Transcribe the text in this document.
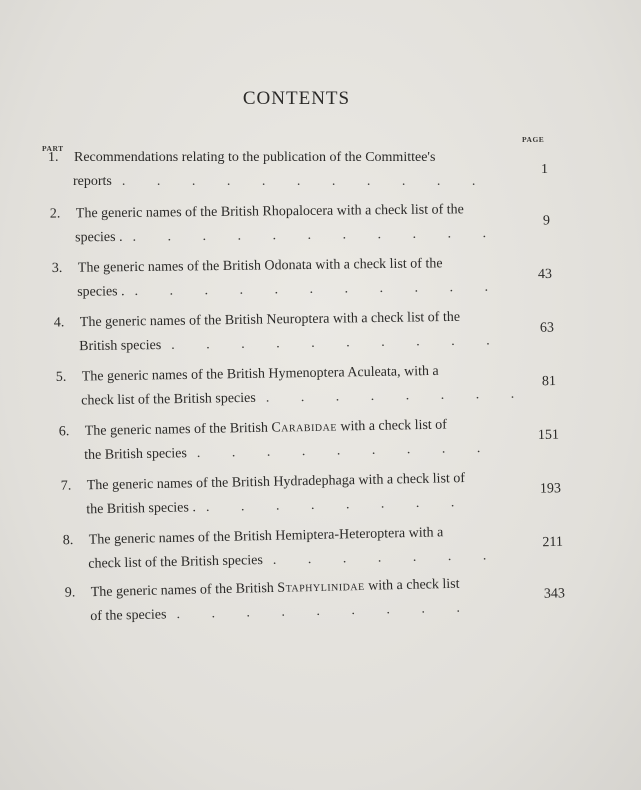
CONTENTS
PART
PAGE
1. Recommendations relating to the publication of the Committee's
reports . . . . . . . . . . .
1
2. The generic names of the British Rhopalocera with a check list of the
species . . . . . . . . . . . .
9
3. The generic names of the British Odonata with a check list of the
species . . . . . . . . . . . .
43
4. The generic names of the British Neuroptera with a check list of the
British species . . . . . . . . . .
63
5. The generic names of the British Hymenoptera Aculeata, with a
check list of the British species . . . . . . . .
81
6. The generic names of the British Carabidae with a check list of
the British species . . . . . . . . .
151
7. The generic names of the British Hydradephaga with a check list of
the British species . . . . . . . . .
193
8. The generic names of the British Hemiptera-Heteroptera with a
check list of the British species . . . . . . .
211
9. The generic names of the British Staphylinidae with a check list
of the species . . . . . . . . .
343
